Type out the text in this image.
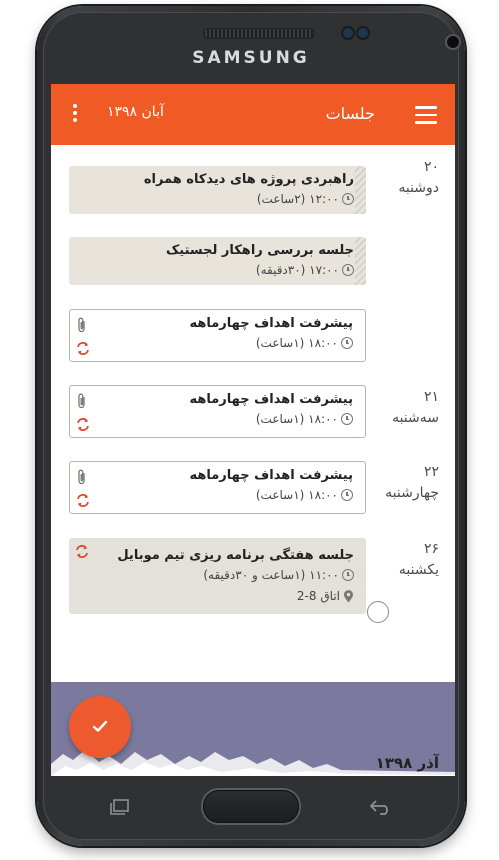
SAMSUNG
جلسات
آبان ۱۳۹۸
۲۰
دوشنبه
راهبردی پروژه های دیدکاه همراه
۱۲:۰۰ (۲ساعت)
جلسه بررسی راهکار لجستیک
۱۷:۰۰ (۳۰دقیقه)
پیشرفت اهداف چهارماهه
۱۸:۰۰ (۱ساعت)
۲۱
سه‌شنبه
پیشرفت اهداف چهارماهه
۱۸:۰۰ (۱ساعت)
۲۲
چهارشنبه
پیشرفت اهداف چهارماهه
۱۸:۰۰ (۱ساعت)
۲۶
یکشنبه
جلسه هفتگی برنامه ریزی تیم موبایل
۱۱:۰۰ (۱ساعت و ۳۰دقیقه)
اتاق 8-2
آذر ۱۳۹۸
